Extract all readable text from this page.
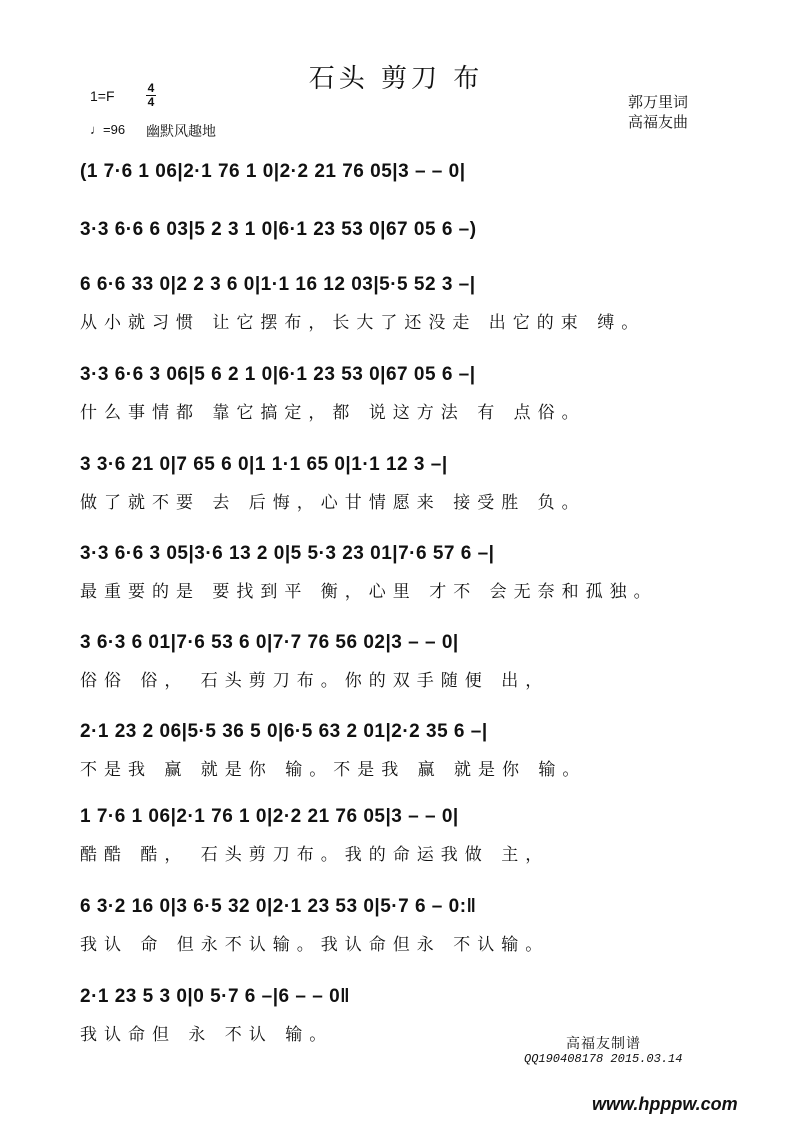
石头 剪刀 布
1=F	4
4
♩=96 幽默风趣地
郭万里词
高福友曲
(1 7·6 1 06|2·1 76 1 0|2·2 21 76 05|3 – – 0|
3·3 6·6 6 03|5 2 3 1 0|6·1 23 53 0|67 05 6 –)
6 6·6 33 0|2 2 3 6 0|1·1 16 12 03|5·5 52 3 –|
从小就习惯 让它摆布，长大了还没走 出它的束 缚。
3·3 6·6 3 06|5 6 2 1 0|6·1 23 53 0|67 05 6 –|
什么事情都 靠它搞定，都 说这方法 有 点俗。
3 3·6 21 0|7 65 6 0|1 1·1 65 0|1·1 12 3 –|
做了就不要 去 后悔，心甘情愿来 接受胜 负。
3·3 6·6 3 05|3·6 13 2 0|5 5·3 23 01|7·6 57 6 –|
最重要的是 要找到平 衡，心里 才不 会无奈和孤独。
3 6·3 6 01|7·6 53 6 0|7·7 76 56 02|3 – – 0|
俗俗 俗， 石头剪刀布。你的双手随便 出，
2·1 23 2 06|5·5 36 5 0|6·5 63 2 01|2·2 35 6 –|
不是我 赢 就是你 输。不是我 赢 就是你 输。
1 7·6 1 06|2·1 76 1 0|2·2 21 76 05|3 – – 0|
酷酷 酷， 石头剪刀布。我的命运我做 主，
6 3·2 16 0|3 6·5 32 0|2·1 23 53 0|5·7 6 – 0:‖
我认 命 但永不认输。我认命但永 不认输。
2·1 23 5 3 0|0 5·7 6 –|6 – – 0‖
我认命但 永 不认 输。	高福友制谱
QQ190408178 2015.03.14
www.hpppw.com
